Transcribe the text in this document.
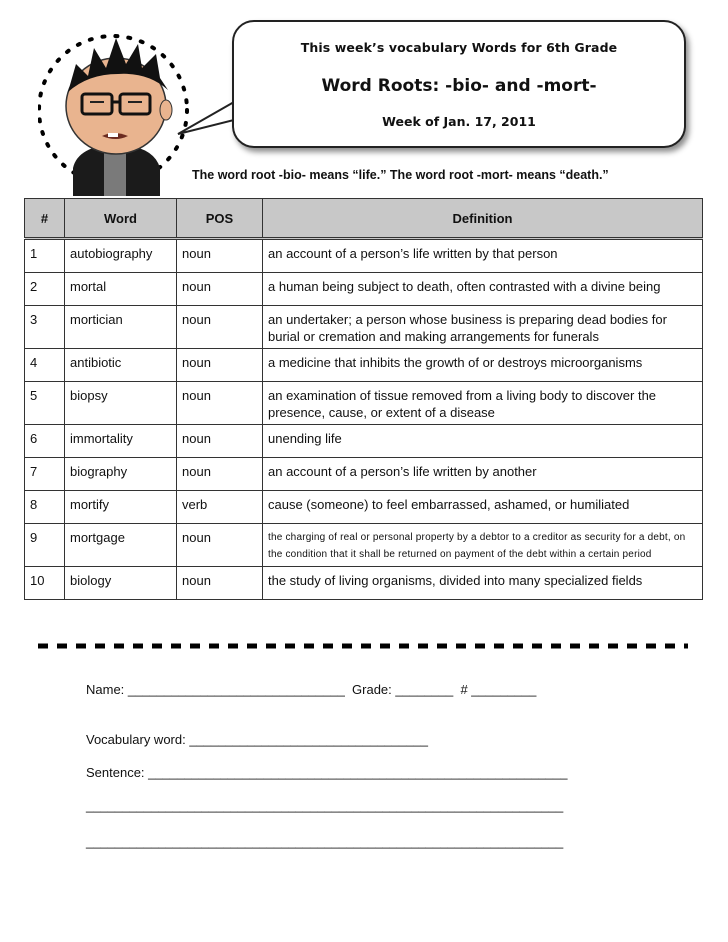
This week’s vocabulary Words for 6th Grade
Word Roots: -bio- and -mort-
Week of Jan. 17, 2011
The word root -bio- means “life.” The word root -mort- means “death.”
#	Word	POS	Definition
1	autobiography	noun	an account of a person’s life written by that person
2	mortal	noun	a human being subject to death, often contrasted with a divine being
3	mortician	noun	an undertaker; a person whose business is preparing dead bodies for burial or cremation and making arrangements for funerals
4	antibiotic	noun	a medicine that inhibits the growth of or destroys microorganisms
5	biopsy	noun	an examination of tissue removed from a living body to discover the presence, cause, or extent of a disease
6	immortality	noun	unending life
7	biography	noun	an account of a person’s life written by another
8	mortify	verb	cause (someone) to feel embarrassed, ashamed, or humiliated
9	mortgage	noun	the charging of real or personal property by a debtor to a creditor as security for a debt, on the condition that it shall be returned on payment of the debt within a certain period
10	biology	noun	the study of living organisms, divided into many specialized fields
Name: ______________________________  Grade: ________  # _________
Vocabulary word: _________________________________
Sentence: __________________________________________________________
__________________________________________________________________
__________________________________________________________________
